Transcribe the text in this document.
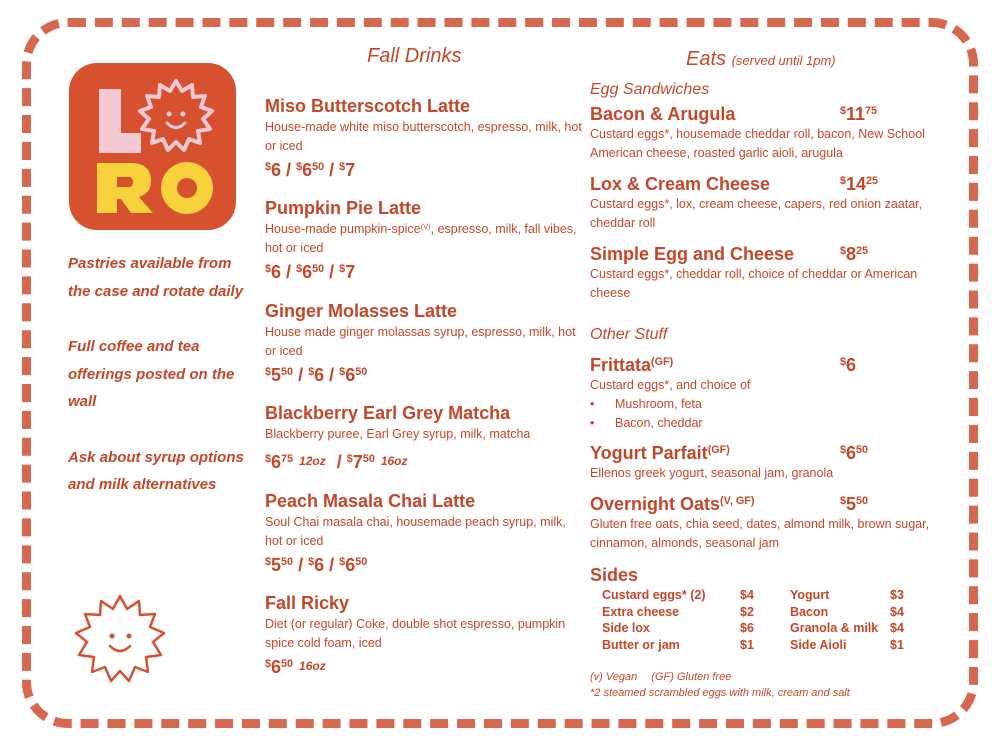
Pastries available from the case and rotate daily

Full coffee and tea offerings posted on the wall

Ask about syrup options and milk alternatives

Fall Drinks
Miso Butterscotch Latte
House-made white miso butterscotch, espresso, milk, hot or iced
$^{\$}6 / ^{\$}6^{50} / ^{\$}7$
Pumpkin Pie Latte
House-made pumpkin-spice$^{(V)}$, espresso, milk, fall vibes, hot or iced
$^{\$}6 / ^{\$}6^{50} / ^{\$}7$
Ginger Molasses Latte
House made ginger molassas syrup, espresso, milk, hot or iced
$^{\$}5^{50} / ^{\$}6 / ^{\$}6^{50}$
Blackberry Earl Grey Matcha
Blackberry puree, Earl Grey syrup, milk, matcha
$^{\$}6^{75}$ $12oz / ^{\$}7^{50}$ 16oz
Peach Masala Chai Latte
Soul Chai masala chai, housemade peach syrup, milk, hot or iced
$^{\$}5^{50} / ^{\$}6 / ^{\$}6^{50}$
Fall Ricky
Diet (or regular) Coke, double shot espresso, pumpkin spice cold foam, iced
$^{\$}6^{50}$ 16oz
Eats (served until 1pm)
Egg Sandwiches
Bacon & Arugula	$^{\$}11^{75}$
Custard eggs*, housemade cheddar roll, bacon, New School American cheese, roasted garlic aioli, arugula
Lox & Cream Cheese	$^{\$}14^{25}$
Custard eggs*, lox, cream cheese, capers, red onion zaatar, cheddar roll
Simple Egg and Cheese	$^{\$}8^{25}$
Custard eggs*, cheddar roll, choice of cheddar or American cheese
Other Stuff
Frittata$^{(GF)}$	$6
Custard eggs*, and choice of
• Mushroom, feta
• Bacon, cheddar
Yogurt Parfait$^{(GF)}$	$^{\$}6^{50}$
Ellenos greek yogurt, seasonal jam, granola
Overnight Oats$^{(V, GF)}$	$^{\$}5^{50}$
Gluten free oats, chia seed, dates, almond milk, brown sugar, cinnamon, almonds, seasonal jam
Sides
Custard eggs* (2)	$4
Extra cheese	$2
Side lox	$6
Butter or jam	$1
Yogurt	$3
Bacon	$4
Granola & milk $4
Side Aioli	$1
(v) Vegan (GF) Gluten free
*2 steamed scrambled eggs with milk, cream and salt
